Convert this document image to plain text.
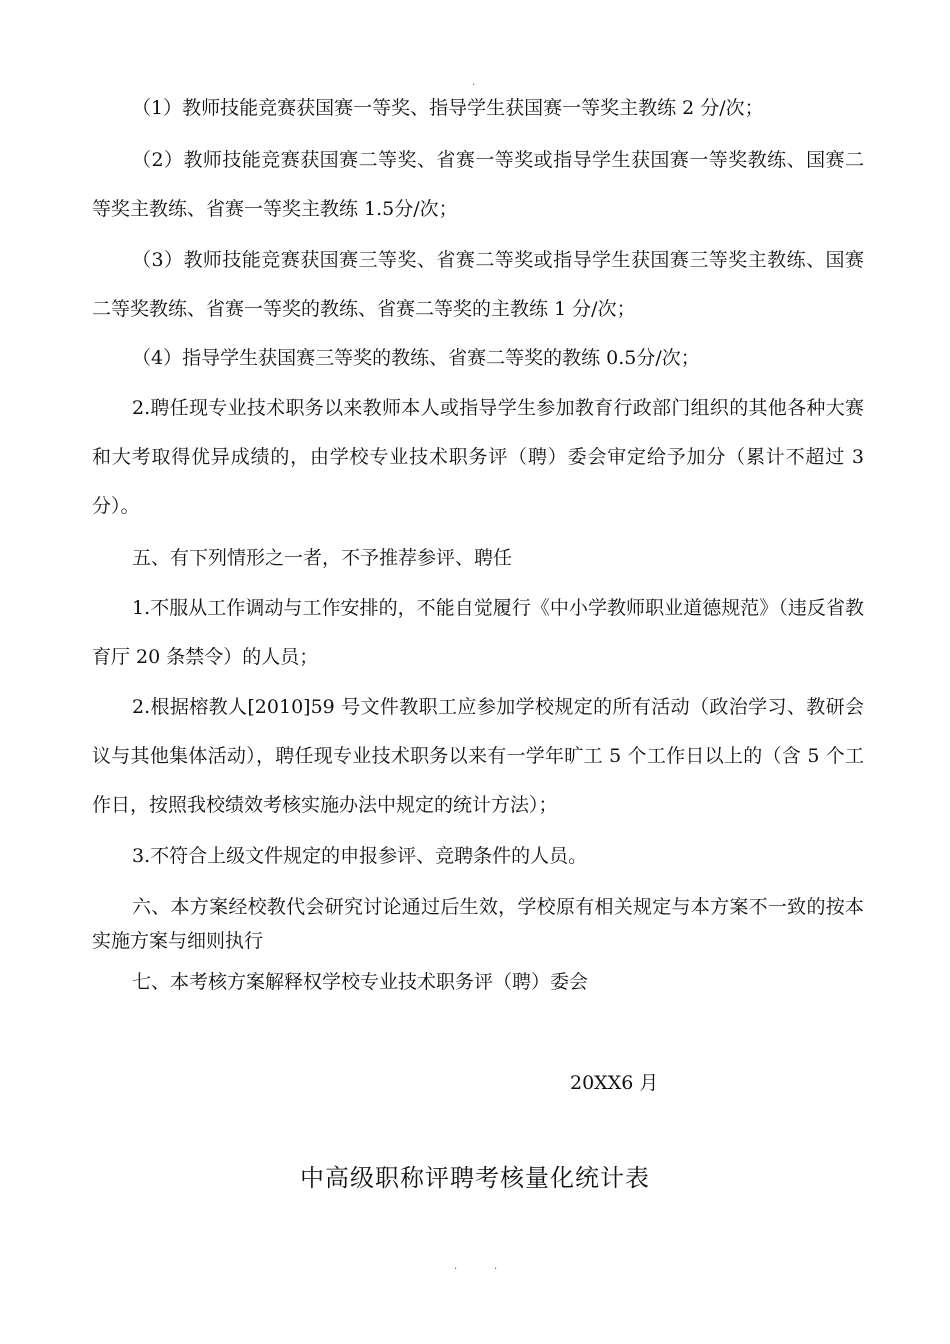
.

（1）教师技能竞赛获国赛一等奖、指导学生获国赛一等奖主教练 2 分/次；

（2）教师技能竞赛获国赛二等奖、省赛一等奖或指导学生获国赛一等奖教练、国赛二等奖主教练、省赛一等奖主教练 1.5分/次；

（3）教师技能竞赛获国赛三等奖、省赛二等奖或指导学生获国赛三等奖主教练、国赛二等奖教练、省赛一等奖的教练、省赛二等奖的主教练 1 分/次；

（4）指导学生获国赛三等奖的教练、省赛二等奖的教练 0.5分/次；

2.聘任现专业技术职务以来教师本人或指导学生参加教育行政部门组织的其他各种大赛和大考取得优异成绩的，由学校专业技术职务评（聘）委会审定给予加分（累计不超过 3 分）。

五、有下列情形之一者，不予推荐参评、聘任

1.不服从工作调动与工作安排的，不能自觉履行《中小学教师职业道德规范》（违反省教育厅 20 条禁令）的人员；

2.根据榕教人[2010]59 号文件教职工应参加学校规定的所有活动（政治学习、教研会议与其他集体活动），聘任现专业技术职务以来有一学年旷工 5 个工作日以上的（含 5 个工作日，按照我校绩效考核实施办法中规定的统计方法）；

3.不符合上级文件规定的申报参评、竞聘条件的人员。

六、本方案经校教代会研究讨论通过后生效，学校原有相关规定与本方案不一致的按本实施方案与细则执行

七、本考核方案解释权学校专业技术职务评（聘）委会

20XX6 月
中高级职称评聘考核量化统计表
.	.
